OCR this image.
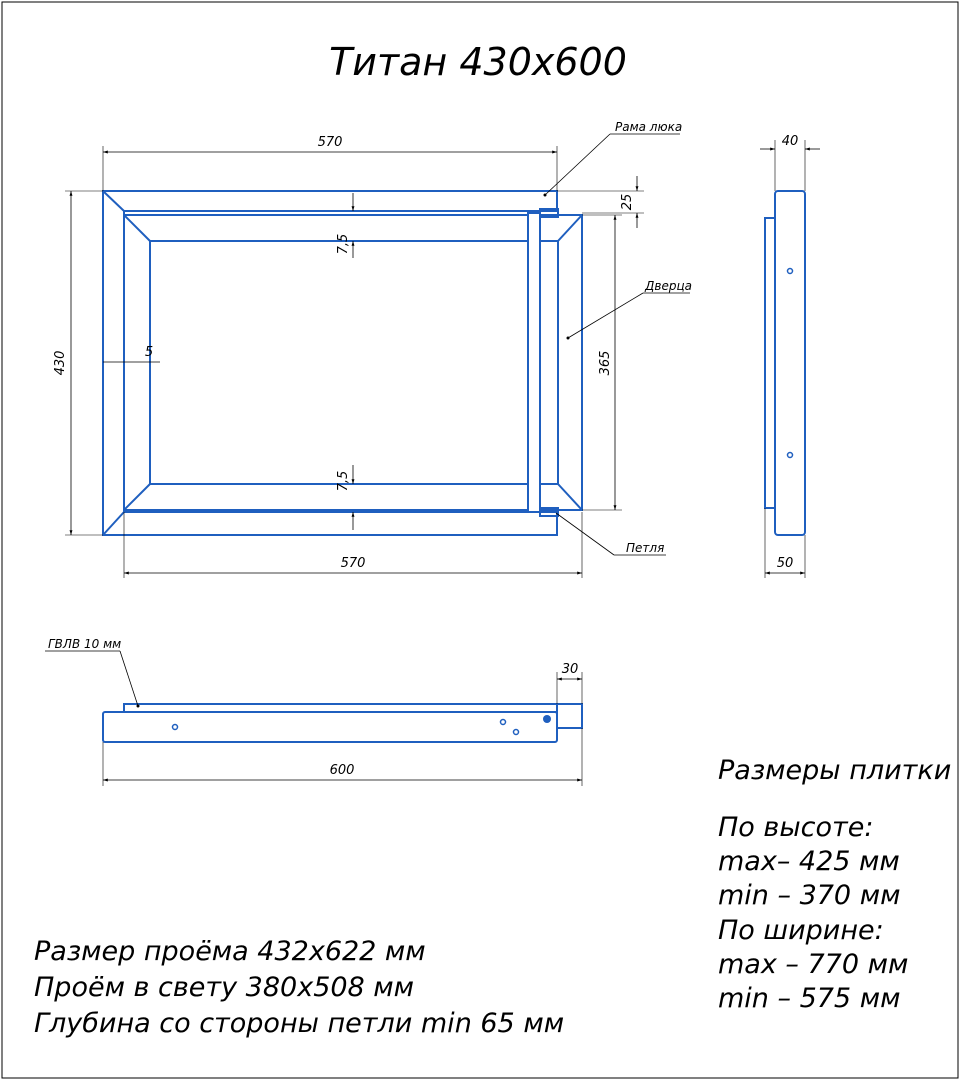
Титан 430х600
570
570
430	5
7,5
7,5
365
25
Рама люка
Дверца
Петля
40
50
ГВЛВ 10 мм
600
30
Размеры плитки
По высоте:
max– 425 мм
min – 370 мм
По ширине:
max – 770 мм
min – 575 мм
Размер проёма 432х622 мм
Проём в свету 380х508 мм
Глубина со стороны петли min 65 мм
